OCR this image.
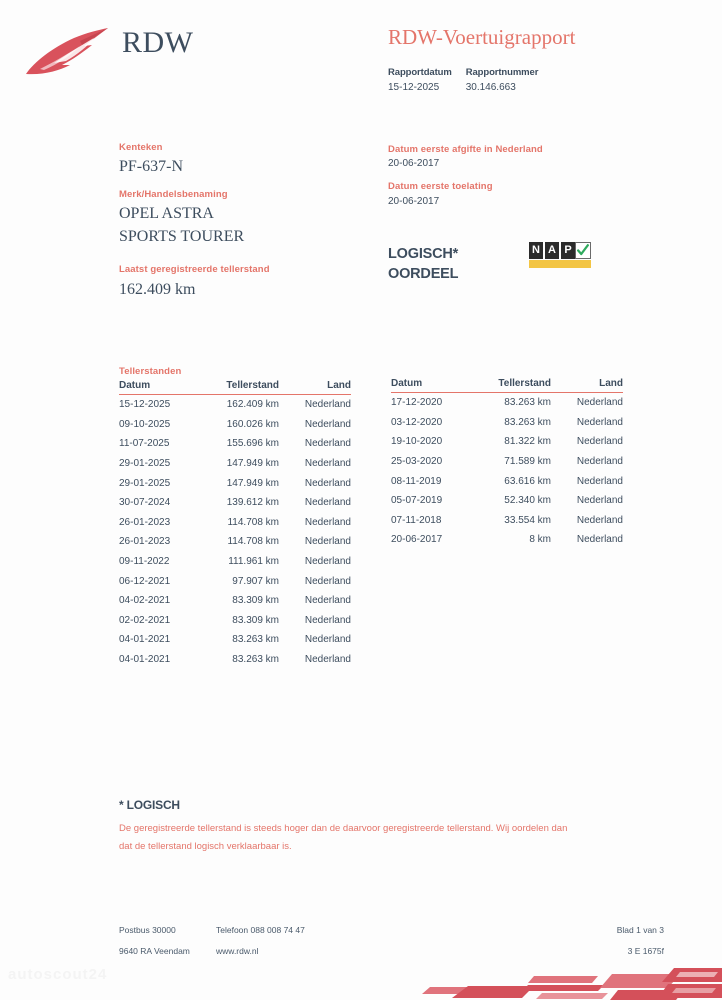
RDW	RDW-Voertuigrapport
Rapportdatum
15-12-2025
Rapportnummer
30.146.663
Kenteken
PF-637-N
Merk/Handelsbenaming
OPEL ASTRA
SPORTS TOURER
Laatst geregistreerde tellerstand
162.409 km
Datum eerste afgifte in Nederland
20-06-2017
Datum eerste toelating
20-06-2017
LOGISCH*
OORDEEL
N A P
Tellerstanden
Datum	Tellerstand	Land
15-12-2025	162.409 km	Nederland
09-10-2025	160.026 km	Nederland
11-07-2025	155.696 km	Nederland
29-01-2025	147.949 km	Nederland
29-01-2025	147.949 km	Nederland
30-07-2024	139.612 km	Nederland
26-01-2023	114.708 km	Nederland
26-01-2023	114.708 km	Nederland
09-11-2022	111.961 km	Nederland
06-12-2021	97.907 km	Nederland
04-02-2021	83.309 km	Nederland
02-02-2021	83.309 km	Nederland
04-01-2021	83.263 km	Nederland
04-01-2021	83.263 km	Nederland
Datum	Tellerstand	Land
17-12-2020	83.263 km	Nederland
03-12-2020	83.263 km	Nederland
19-10-2020	81.322 km	Nederland
25-03-2020	71.589 km	Nederland
08-11-2019	63.616 km	Nederland
05-07-2019	52.340 km	Nederland
07-11-2018	33.554 km	Nederland
20-06-2017	8 km	Nederland
* LOGISCH
De geregistreerde tellerstand is steeds hoger dan de daarvoor geregistreerde tellerstand. Wij oordelen dan
dat de tellerstand logisch verklaarbaar is.
Postbus 30000	Telefoon 088 008 74 47	Blad 1 van 3
9640 RA Veendam	www.rdw.nl	3 E 1675f
autoscout24
